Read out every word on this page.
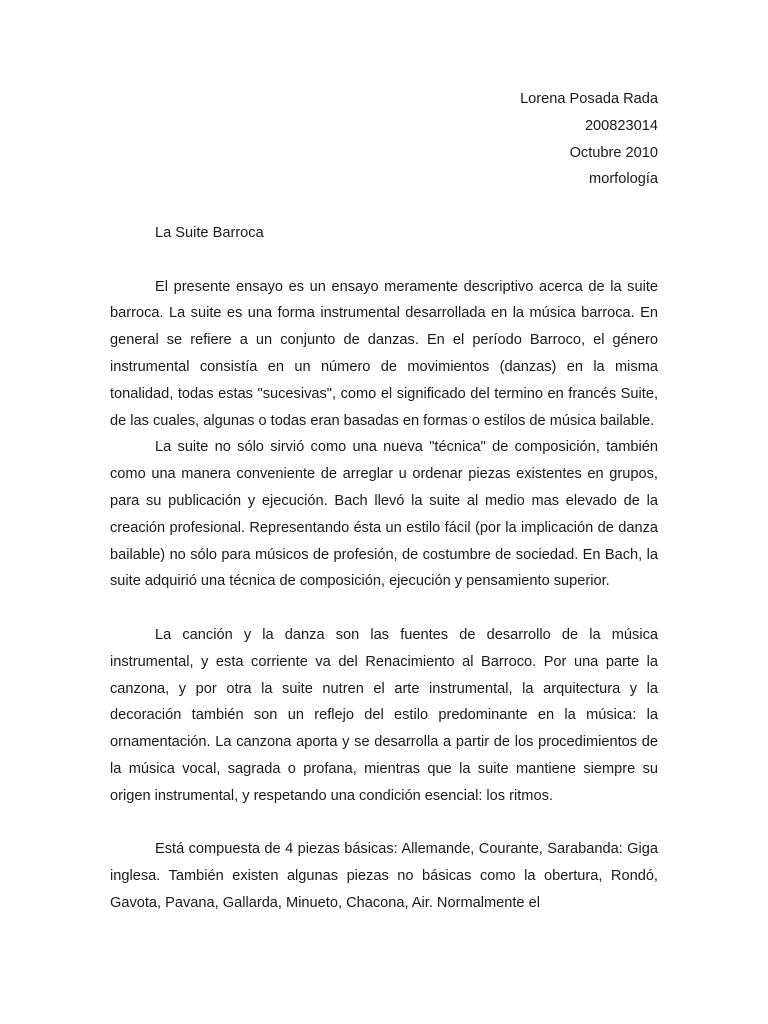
Lorena Posada Rada

200823014

Octubre 2010

morfología

La Suite Barroca

El presente ensayo es un ensayo meramente descriptivo acerca de la suite barroca. La suite es una forma instrumental desarrollada en la música barroca. En general se refiere a un conjunto de danzas. En el período Barroco, el género instrumental consistía en un número de movimientos (danzas) en la misma tonalidad, todas estas "sucesivas", como el significado del termino en francés Suite, de las cuales, algunas o todas eran basadas en formas o estilos de música bailable.

La suite no sólo sirvió como una nueva "técnica" de composición, también como una manera conveniente de arreglar u ordenar piezas existentes en grupos, para su publicación y ejecución. Bach llevó la suite al medio mas elevado de la creación profesional. Representando ésta un estilo fácil (por la implicación de danza bailable) no sólo para músicos de profesión, de costumbre de sociedad. En Bach, la suite adquirió una técnica de composición, ejecución y pensamiento superior.

La canción y la danza son las fuentes de desarrollo de la música instrumental, y esta corriente va del Renacimiento al Barroco. Por una parte la canzona, y por otra la suite nutren el arte instrumental, la arquitectura y la decoración también son un reflejo del estilo predominante en la música: la ornamentación. La canzona aporta y se desarrolla a partir de los procedimientos de la música vocal, sagrada o profana, mientras que la suite mantiene siempre su origen instrumental, y respetando una condición esencial: los ritmos.

Está compuesta de 4 piezas básicas: Allemande, Courante, Sarabanda: Giga inglesa. También existen algunas piezas no básicas como la obertura, Rondó, Gavota, Pavana, Gallarda, Minueto, Chacona, Air. Normalmente el
